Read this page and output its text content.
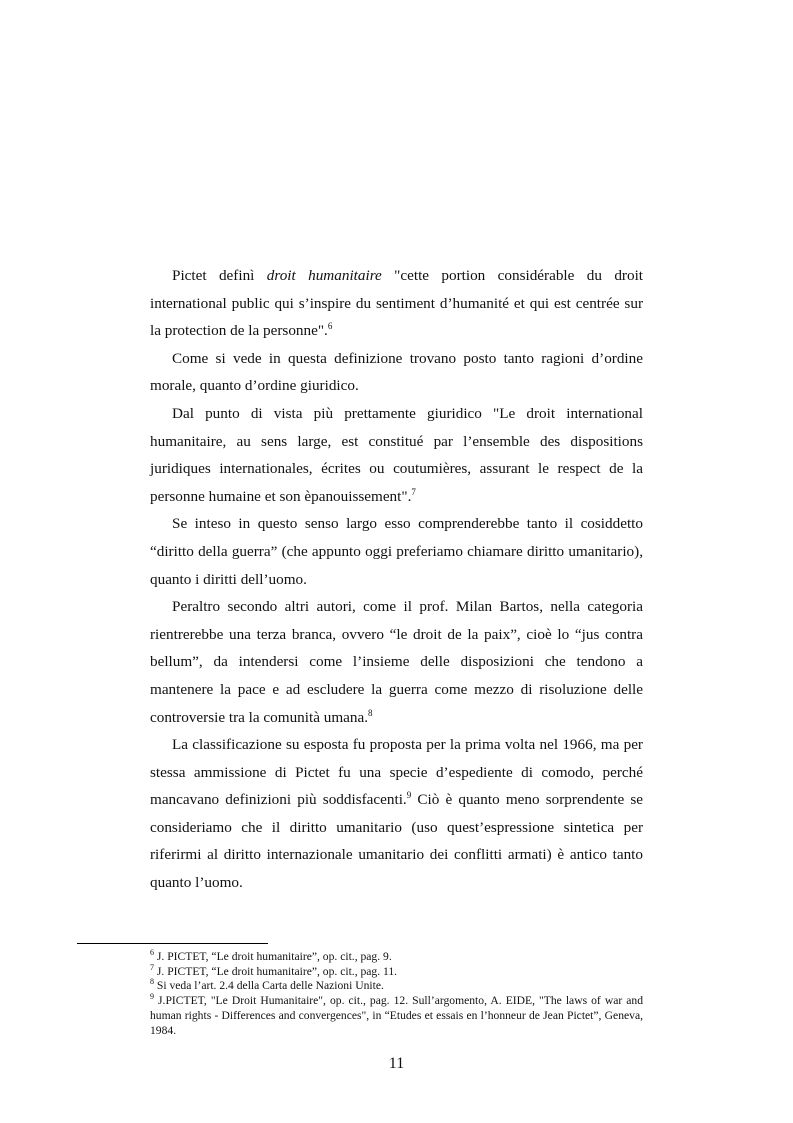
Pictet definì droit humanitaire "cette portion considérable du droit international public qui s’inspire du sentiment d’humanité et qui est centrée sur la protection de la personne".$^6$

Come si vede in questa definizione trovano posto tanto ragioni d’ordine morale, quanto d’ordine giuridico.

Dal punto di vista più prettamente giuridico "Le droit international humanitaire, au sens large, est constitué par l’ensemble des dispositions juridiques internationales, écrites ou coutumières, assurant le respect de la personne humaine et son èpanouissement".$^7$

Se inteso in questo senso largo esso comprenderebbe tanto il cosiddetto “diritto della guerra” (che appunto oggi preferiamo chiamare diritto umanitario), quanto i diritti dell’uomo.

Peraltro secondo altri autori, come il prof. Milan Bartos, nella categoria rientrerebbe una terza branca, ovvero “le droit de la paix”, cioè lo “jus contra bellum”, da intendersi come l’insieme delle disposizioni che tendono a mantenere la pace e ad escludere la guerra come mezzo di risoluzione delle controversie tra la comunità umana.$^8$

La classificazione su esposta fu proposta per la prima volta nel 1966, ma per stessa ammissione di Pictet fu una specie d’espediente di comodo, perché mancavano definizioni più soddisfacenti.$^9$ Ciò è quanto meno sorprendente se consideriamo che il diritto umanitario (uso quest’espressione sintetica per riferirmi al diritto internazionale umanitario dei conflitti armati) è antico tanto quanto l’uomo.

$^6$ J. PICTET, “Le droit humanitaire”, op. cit., pag. 9.

$^7$ J. PICTET, “Le droit humanitaire”, op. cit., pag. 11.

$^8$ Si veda l’art. 2.4 della Carta delle Nazioni Unite.

$^9$ J.PICTET, "Le Droit Humanitaire", op. cit., pag. 12. Sull’argomento, A. EIDE, "The laws of war and human rights - Differences and convergences", in “Etudes et essais en l’honneur de Jean Pictet”, Geneva, 1984.

11
